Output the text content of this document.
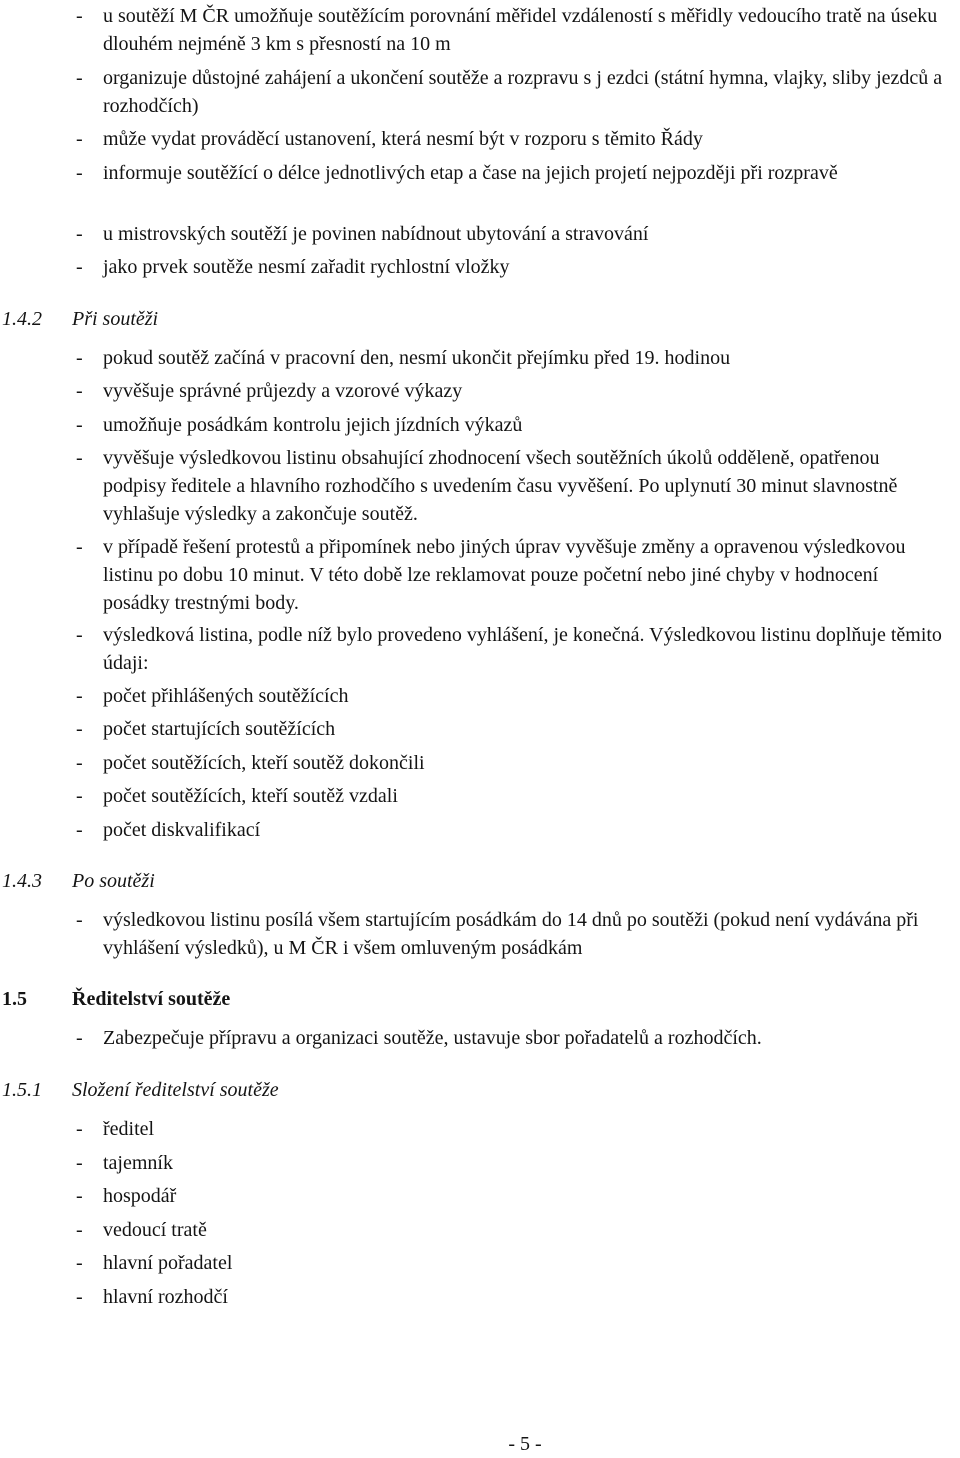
-	u soutěží M ČR umožňuje soutěžícím porovnání měřidel vzdáleností s měřidly vedoucího tratě na úseku dlouhém nejméně 3 km s přesností na 10 m

-	organizuje důstojné zahájení a ukončení soutěže a rozpravu s j ezdci (státní hymna, vlajky, sliby jezdců a rozhodčích)

-	může vydat prováděcí ustanovení, která nesmí být v rozporu s těmito Řády

-	informuje soutěžící o délce jednotlivých etap a čase na jejich projetí nejpozději při rozpravě

-	u mistrovských soutěží je povinen nabídnout ubytování a stravování

-	jako prvek soutěže nesmí zařadit rychlostní vložky

1.4.2 Při soutěži

-	pokud soutěž začíná v pracovní den, nesmí ukončit přejímku před 19. hodinou

-	vyvěšuje správné průjezdy a vzorové výkazy

-	umožňuje posádkám kontrolu jejich jízdních výkazů

-	vyvěšuje výsledkovou listinu obsahující zhodnocení všech soutěžních úkolů odděleně, opatřenou podpisy ředitele a hlavního rozhodčího s uvedením času vyvěšení. Po uplynutí 30 minut slavnostně vyhlašuje výsledky a zakončuje soutěž.

-	v případě řešení protestů a připomínek nebo jiných úprav vyvěšuje změny a opravenou výsledkovou listinu po dobu 10 minut. V této době lze reklamovat pouze početní nebo jiné chyby v hodnocení posádky trestnými body.

-	výsledková listina, podle níž bylo provedeno vyhlášení, je konečná. Výsledkovou listinu doplňuje těmito údaji:

-	počet přihlášených soutěžících

-	počet startujících soutěžících

-	počet soutěžících, kteří soutěž dokončili

-	počet soutěžících, kteří soutěž vzdali

-	počet diskvalifikací

1.4.3 Po soutěži

-	výsledkovou listinu posílá všem startujícím posádkám do 14 dnů po soutěži (pokud není vydávána při vyhlášení výsledků), u M ČR i všem omluveným posádkám

1.5 Ředitelství soutěže

-	Zabezpečuje přípravu a organizaci soutěže, ustavuje sbor pořadatelů a rozhodčích.

1.5.1 Složení ředitelství soutěže

-	ředitel

-	tajemník

-	hospodář

-	vedoucí tratě

-	hlavní pořadatel

-	hlavní rozhodčí

- 5 -
